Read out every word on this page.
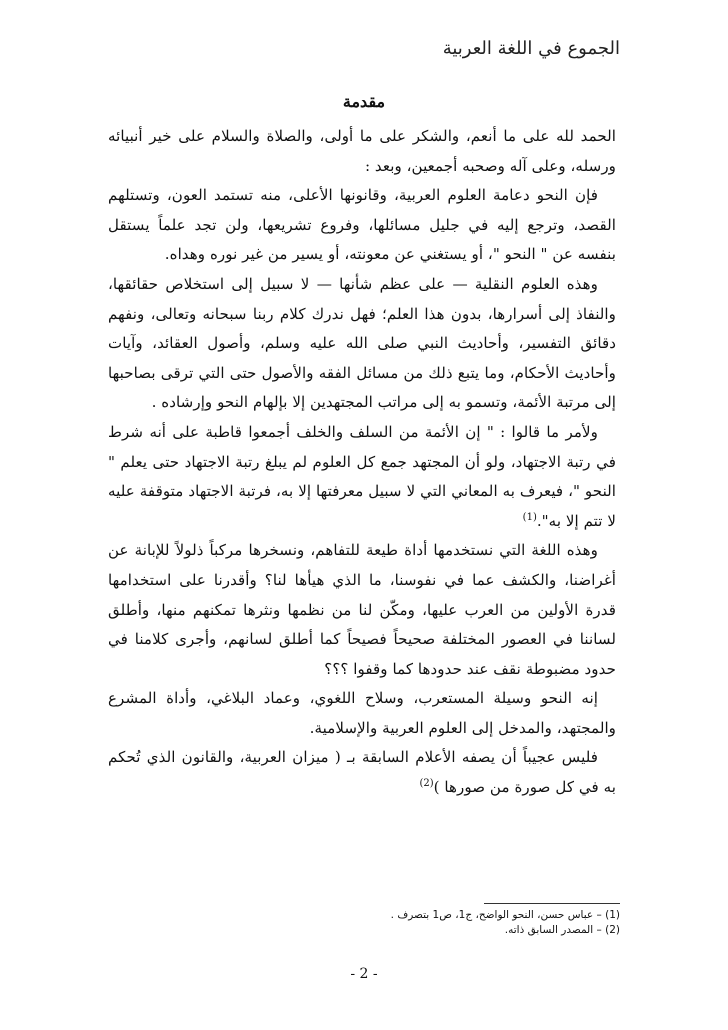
الجموع في اللغة العربية
مقدمة

الحمد لله على ما أنعم، والشكر على ما أولى، والصلاة والسلام على خير أنبيائه ورسله، وعلى آله وصحبه أجمعين، وبعد :

فإن النحو دعامة العلوم العربية، وقانونها الأعلى، منه تستمد العون، وتستلهم القصد، وترجع إليه في جليل مسائلها، وفروع تشريعها، ولن تجد علماً يستقل بنفسه عن " النحو "، أو يستغني عن معونته، أو يسير من غير نوره وهداه.

وهذه العلوم النقلية — على عظم شأنها — لا سبيل إلى استخلاص حقائقها، والنفاذ إلى أسرارها، بدون هذا العلم؛ فهل ندرك كلام ربنا سبحانه وتعالى، ونفهم دقائق التفسير، وأحاديث النبي صلى الله عليه وسلم، وأصول العقائد، وآيات وأحاديث الأحكام، وما يتبع ذلك من مسائل الفقه والأصول حتى التي ترقى بصاحبها إلى مرتبة الأئمة، وتسمو به إلى مراتب المجتهدين إلا بإلهام النحو وإرشاده .

ولأمر ما قالوا : " إن الأئمة من السلف والخلف أجمعوا قاطبة على أنه شرط في رتبة الاجتهاد، ولو أن المجتهد جمع كل العلوم لم يبلغ رتبة الاجتهاد حتى يعلم " النحو "، فيعرف به المعاني التي لا سبيل معرفتها إلا به، فرتبة الاجتهاد متوقفة عليه لا تتم إلا به".$^{(1)}$

وهذه اللغة التي نستخدمها أداة طيعة للتفاهم، ونسخرها مركباً ذلولاً للإبانة عن أغراضنا، والكشف عما في نفوسنا، ما الذي هيأها لنا؟ وأقدرنا على استخدامها قدرة الأولين من العرب عليها، ومكّن لنا من نظمها ونثرها تمكنهم منها، وأطلق لساننا في العصور المختلفة صحيحاً فصيحاً كما أطلق لسانهم، وأجرى كلامنا في حدود مضبوطة نقف عند حدودها كما وقفوا ؟؟؟

إنه النحو وسيلة المستعرب، وسلاح اللغوي، وعماد البلاغي، وأداة المشرع والمجتهد، والمدخل إلى العلوم العربية والإسلامية.

فليس عجيباً أن يصفه الأعلام السابقة بـ ( ميزان العربية، والقانون الذي تُحكم به في كل صورة من صورها )$^{(2)}$

(1) – عباس حسن، النحو الواضح، ج1، ص1 بتصرف .

(2) – المصدر السابق ذاته.

- 2 -
